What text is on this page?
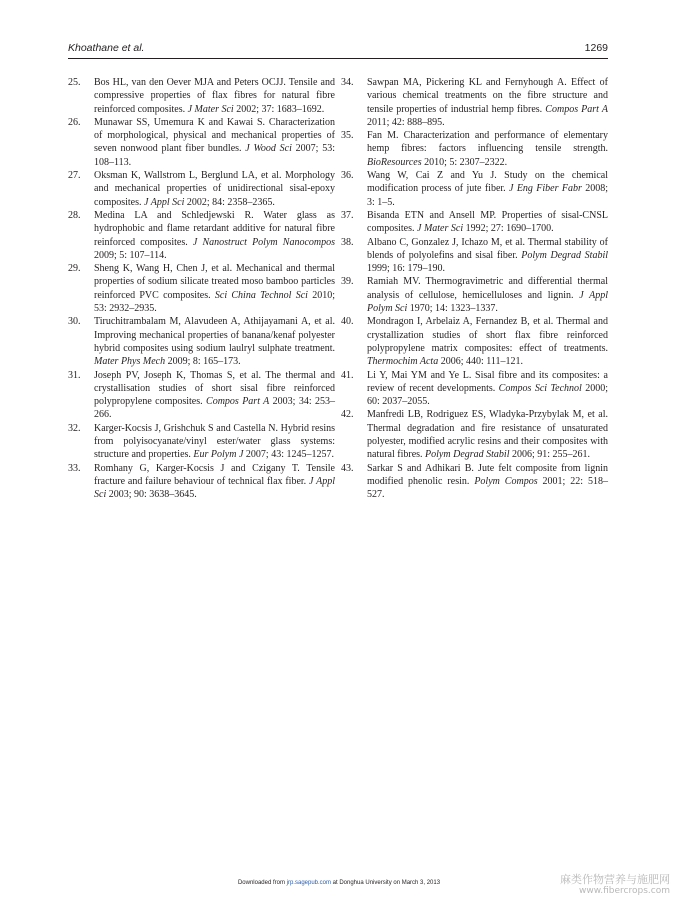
Khoathane et al.	1269
25. Bos HL, van den Oever MJA and Peters OCJJ. Tensile and compressive properties of flax fibres for natural fibre reinforced composites. J Mater Sci 2002; 37: 1683–1692.
26. Munawar SS, Umemura K and Kawai S. Characterization of morphological, physical and mechanical properties of seven nonwood plant fiber bundles. J Wood Sci 2007; 53: 108–113.
27. Oksman K, Wallstrom L, Berglund LA, et al. Morphology and mechanical properties of unidirectional sisal-epoxy composites. J Appl Sci 2002; 84: 2358–2365.
28. Medina LA and Schledjewski R. Water glass as hydrophobic and flame retardant additive for natural fibre reinforced composites. J Nanostruct Polym Nanocompos 2009; 5: 107–114.
29. Sheng K, Wang H, Chen J, et al. Mechanical and thermal properties of sodium silicate treated moso bamboo particles reinforced PVC composites. Sci China Technol Sci 2010; 53: 2932–2935.
30. Tiruchitrambalam M, Alavudeen A, Athijayamani A, et al. Improving mechanical properties of banana/kenaf polyester hybrid composites using sodium laulryl sulphate treatment. Mater Phys Mech 2009; 8: 165–173.
31. Joseph PV, Joseph K, Thomas S, et al. The thermal and crystallisation studies of short sisal fibre reinforced polypropylene composites. Compos Part A 2003; 34: 253–266.
32. Karger-Kocsis J, Grishchuk S and Castella N. Hybrid resins from polyisocyanate/vinyl ester/water glass systems: structure and properties. Eur Polym J 2007; 43: 1245–1257.
33. Romhany G, Karger-Kocsis J and Czigany T. Tensile fracture and failure behaviour of technical flax fiber. J Appl Sci 2003; 90: 3638–3645.
34. Sawpan MA, Pickering KL and Fernyhough A. Effect of various chemical treatments on the fibre structure and tensile properties of industrial hemp fibres. Compos Part A 2011; 42: 888–895.
35. Fan M. Characterization and performance of elementary hemp fibres: factors influencing tensile strength. BioResources 2010; 5: 2307–2322.
36. Wang W, Cai Z and Yu J. Study on the chemical modification process of jute fiber. J Eng Fiber Fabr 2008; 3: 1–5.
37. Bisanda ETN and Ansell MP. Properties of sisal-CNSL composites. J Mater Sci 1992; 27: 1690–1700.
38. Albano C, Gonzalez J, Ichazo M, et al. Thermal stability of blends of polyolefins and sisal fiber. Polym Degrad Stabil 1999; 16: 179–190.
39. Ramiah MV. Thermogravimetric and differential thermal analysis of cellulose, hemicelluloses and lignin. J Appl Polym Sci 1970; 14: 1323–1337.
40. Mondragon I, Arbelaiz A, Fernandez B, et al. Thermal and crystallization studies of short flax fibre reinforced polypropylene matrix composites: effect of treatments. Thermochim Acta 2006; 440: 111–121.
41. Li Y, Mai YM and Ye L. Sisal fibre and its composites: a review of recent developments. Compos Sci Technol 2000; 60: 2037–2055.
42. Manfredi LB, Rodriguez ES, Wladyka-Przybylak M, et al. Thermal degradation and fire resistance of unsaturated polyester, modified acrylic resins and their composites with natural fibres. Polym Degrad Stabil 2006; 91: 255–261.
43. Sarkar S and Adhikari B. Jute felt composite from lignin modified phenolic resin. Polym Compos 2001; 22: 518–527.
Downloaded from jrp.sagepub.com at Donghua University on March 3, 2013	麻类作物营养与施肥网
www.fibercrops.com
